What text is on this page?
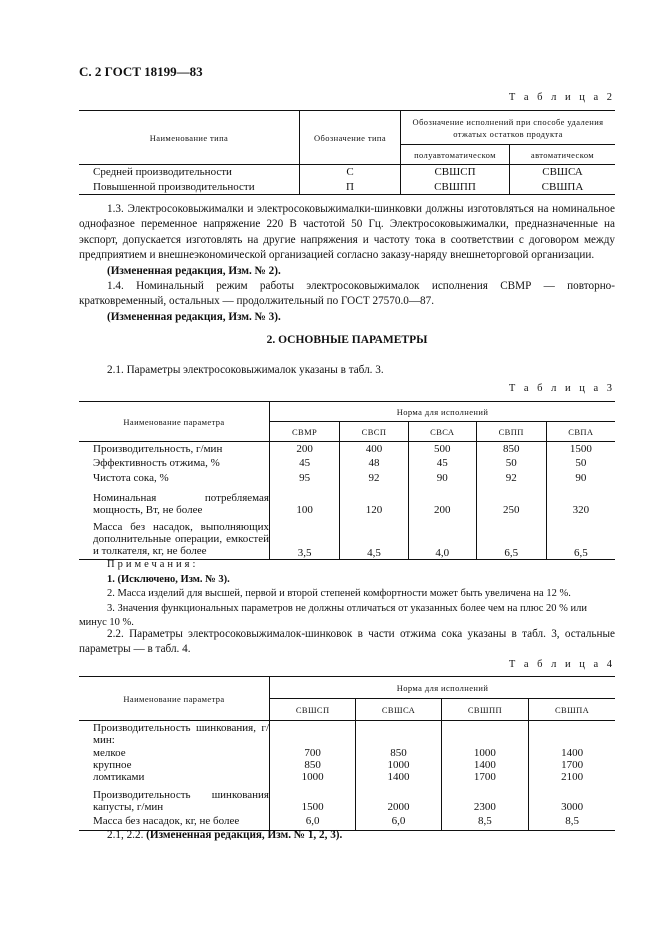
С. 2 ГОСТ 18199—83
Т а б л и ц а 2
Наименование типа	Обозначение типа	Обозначение исполнений при способе удаления отжатых остатков продукта	
		полуавтоматическом	автоматическом
Средней производительности	С	СВШСП	СВШСА
Повышенной производительности	П	СВШПП	СВШПА

1.3. Электросоковыжималки и электросоковыжималки-шинковки должны изготовляться на номинальное однофазное переменное напряжение 220 В частотой 50 Гц. Электросоковыжималки, предназначенные на экспорт, допускается изготовлять на другие напряжения и частоту тока в соответствии с договором между предприятием и внешнеэкономической организацией согласно заказу-наряду внешнеторговой организации.

(Измененная редакция, Изм. № 2).

1.4. Номинальный режим работы электросоковыжималок исполнения СВМР — повторно-кратковременный, остальных — продолжительный по ГОСТ 27570.0—87.

(Измененная редакция, Изм. № 3).

2. ОСНОВНЫЕ ПАРАМЕТРЫ

2.1. Параметры электросоковыжималок указаны в табл. 3.

Т а б л и ц а 3
Наименование параметра	Норма для исполнений				
	СВМР	СВСП	СВСА	СВПП	СВПА
Производительность, г/мин	200	400	500	850	1500
Эффективность отжима, %	45	48	45	50	50
Чистота сока, %	95	92	90	92	90
Номинальная потребляемая мощность, Вт, не более	100	120	200	250	320
Масса без насадок, выполняющих дополнительные операции, емкостей и толкателя, кг, не более	3,5	4,5	4,0	6,5	6,5
Примечания:
1. (Исключено, Изм. № 3).
2. Масса изделий для высшей, первой и второй степеней комфортности может быть увеличена на 12 %.
3. Значения функциональных параметров не должны отличаться от указанных более чем на плюс 20 % или минус 10 %.

2.2. Параметры электросоковыжималок-шинковок в части отжима сока указаны в табл. 3, остальные параметры — в табл. 4.

Т а б л и ц а 4
Наименование параметра	Норма для исполнений			
	СВШСП	СВШСА	СВШПП	СВШПА
Производительность шинкования, г/мин:				
мелкое	700	850	1000	1400
крупное	850	1000	1400	1700
ломтиками	1000	1400	1700	2100
Производительность шинкования капусты, г/мин	1500	2000	2300	3000
Масса без насадок, кг, не более	6,0	6,0	8,5	8,5

2.1, 2.2. (Измененная редакция, Изм. № 1, 2, 3).
